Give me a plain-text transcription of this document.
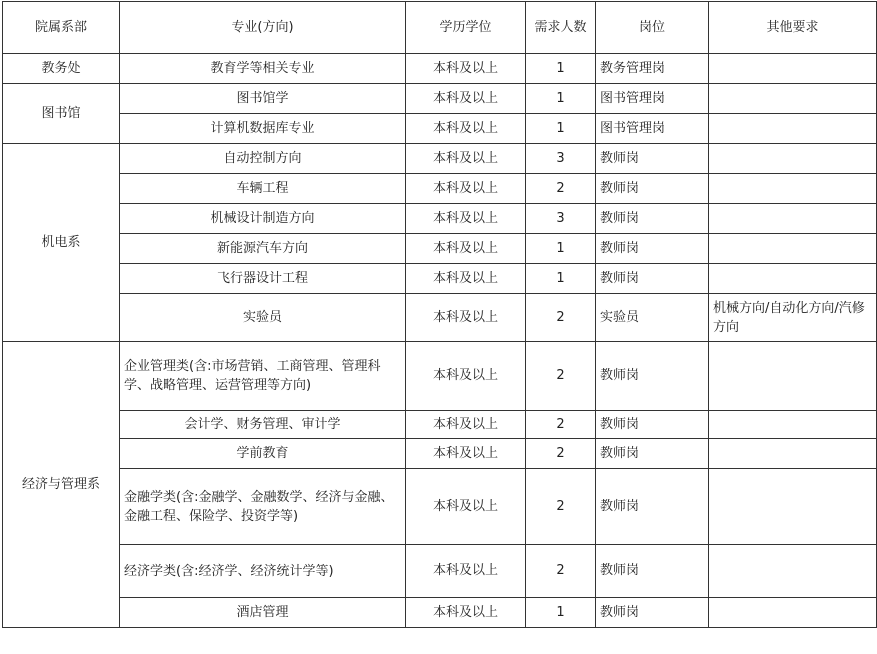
院属系部	专业(方向)	学历学位	需求人数	岗位	其他要求
教务处	教育学等相关专业	本科及以上	1	教务管理岗	
图书馆	图书馆学	本科及以上	1	图书管理岗	
	计算机数据库专业	本科及以上	1	图书管理岗	
机电系	自动控制方向	本科及以上	3	教师岗	
	车辆工程	本科及以上	2	教师岗	
	机械设计制造方向	本科及以上	3	教师岗	
	新能源汽车方向	本科及以上	1	教师岗	
	飞行器设计工程	本科及以上	1	教师岗	
	实验员	本科及以上	2	实验员	机械方向/自动化方向/汽修方向
经济与管理系	企业管理类(含:市场营销、工商管理、管理科学、战略管理、运营管理等方向)	本科及以上	2	教师岗	
	会计学、财务管理、审计学	本科及以上	2	教师岗	
	学前教育	本科及以上	2	教师岗	
	金融学类(含:金融学、金融数学、经济与金融、金融工程、保险学、投资学等)	本科及以上	2	教师岗	
	经济学类(含:经济学、经济统计学等)	本科及以上	2	教师岗	
	酒店管理	本科及以上	1	教师岗	
